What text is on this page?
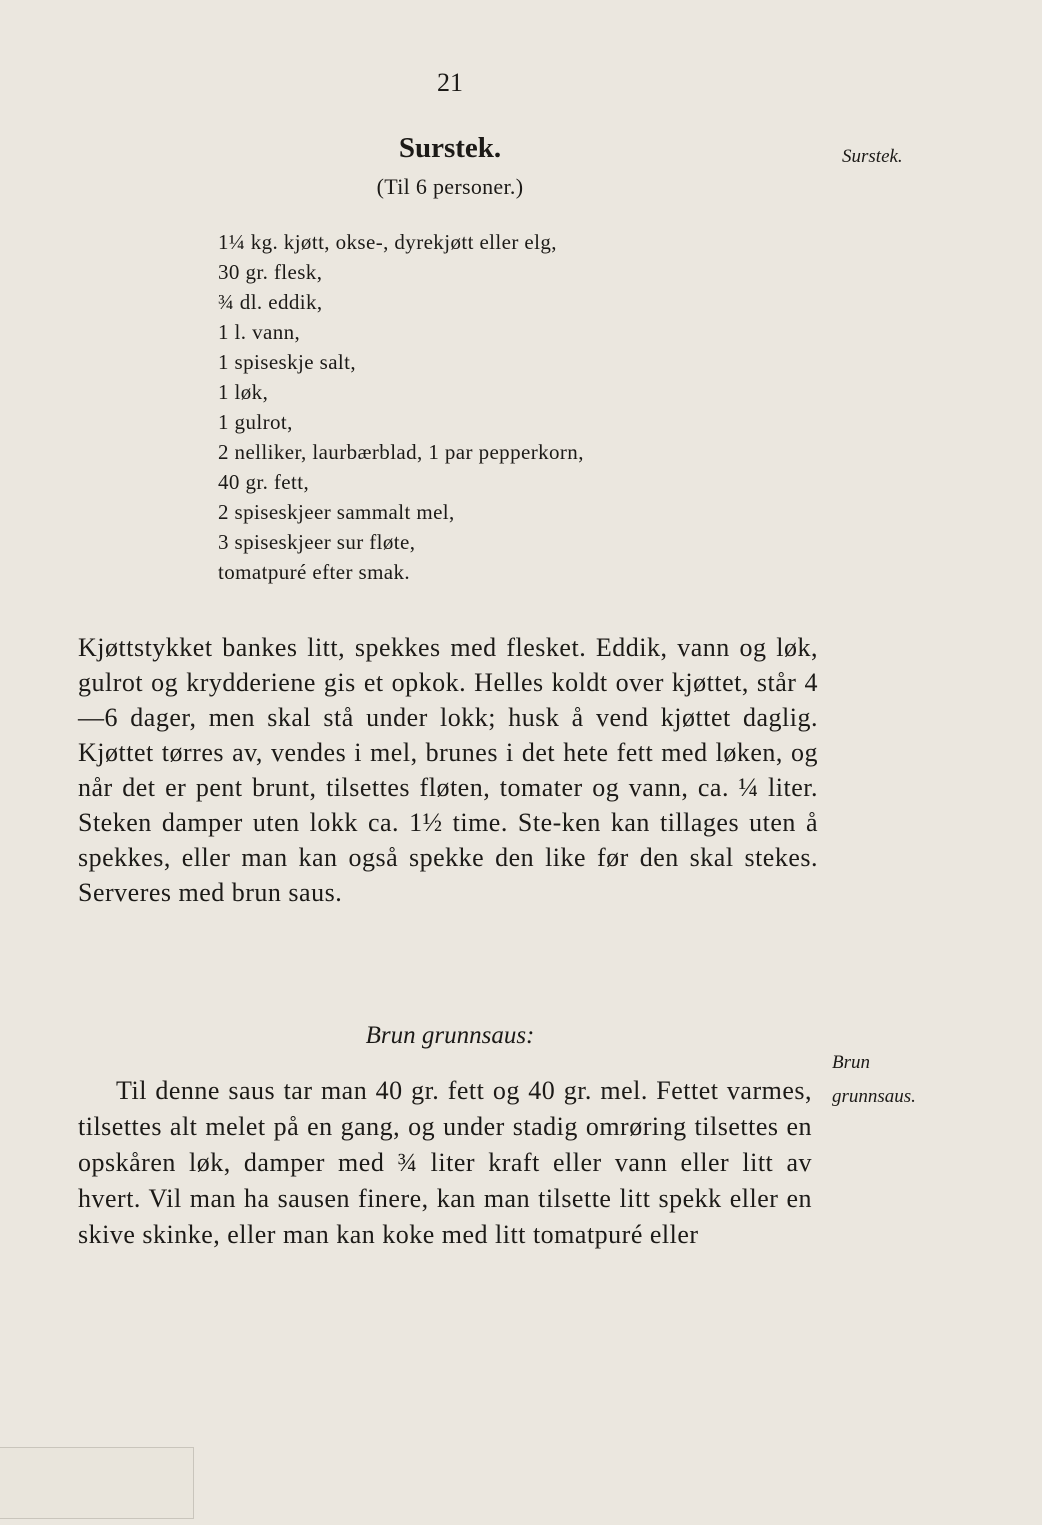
21
Surstek.
(Til 6 personer.)
Surstek.
1¼ kg. kjøtt, okse-, dyrekjøtt eller elg,
30 gr. flesk,
¾ dl. eddik,
1 l. vann,
1 spiseskje salt,
1 løk,
1 gulrot,
2 nelliker, laurbærblad, 1 par pepperkorn,
40 gr. fett,
2 spiseskjeer sammalt mel,
3 spiseskjeer sur fløte,
tomatpuré efter smak.

Kjøttstykket bankes litt, spekkes med flesket. Eddik, vann og løk, gulrot og krydderiene gis et opkok. Helles koldt over kjøttet, står 4—6 dager, men skal stå under lokk; husk å vend kjøttet daglig. Kjøttet tørres av, vendes i mel, brunes i det hete fett med løken, og når det er pent brunt, tilsettes fløten, tomater og vann, ca. ¼ liter. Steken damper uten lokk ca. 1½ time. Ste-ken kan tillages uten å spekkes, eller man kan også spekke den like før den skal stekes. Serveres med brun saus.

Brun grunnsaus:
Brun
grunnsaus.

Til denne saus tar man 40 gr. fett og 40 gr. mel. Fettet varmes, tilsettes alt melet på en gang, og under stadig omrøring tilsettes en opskåren løk, damper med ¾ liter kraft eller vann eller litt av hvert. Vil man ha sausen finere, kan man tilsette litt spekk eller en skive skinke, eller man kan koke med litt tomatpuré eller
